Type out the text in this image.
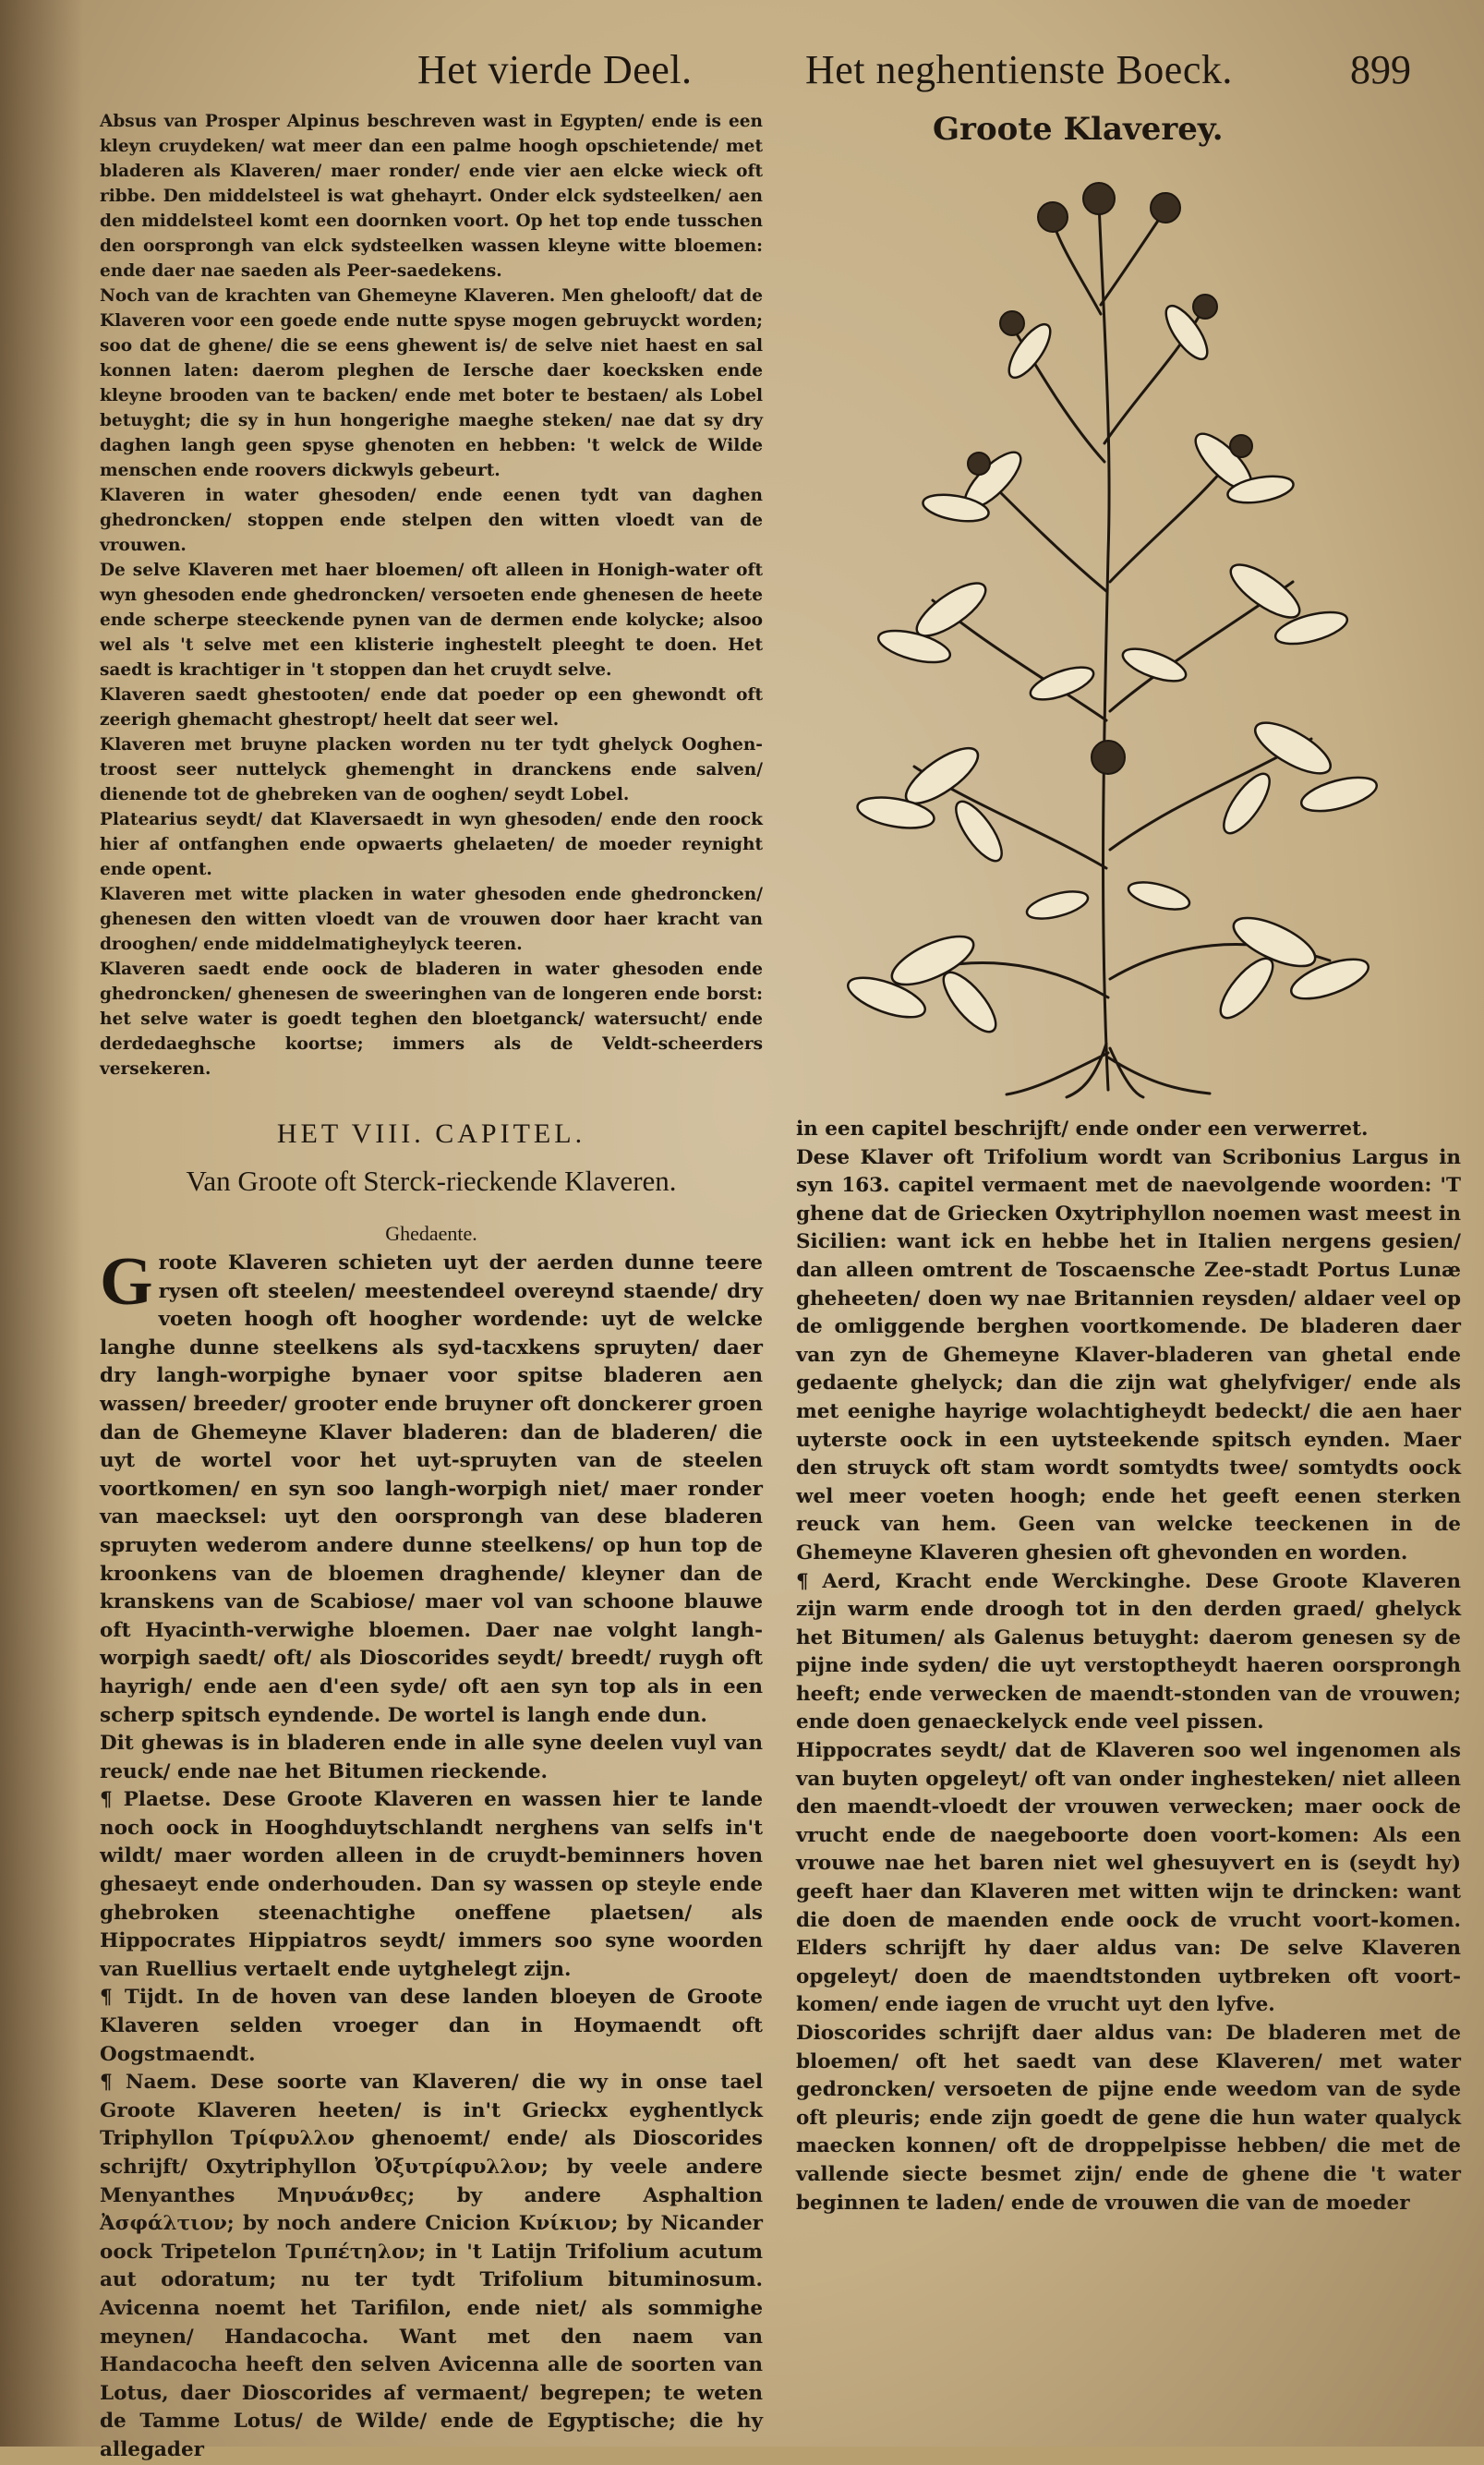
Het vierde Deel.	Het neghentienste Boeck.	899
Groote Klaverey.

Absus van Prosper Alpinus beschreven wast in Egypten/ ende is een kleyn cruydeken/ wat meer dan een palme hoogh opschietende/ met bladeren als Klaveren/ maer ronder/ ende vier aen elcke wieck oft ribbe. Den middelsteel is wat ghehayrt. Onder elck sydsteelken/ aen den middelsteel komt een doornken voort. Op het top ende tusschen den oorsprongh van elck sydsteelken wassen kleyne witte bloemen: ende daer nae saeden als Peer-saedekens.

Noch van de krachten van Ghemeyne Klaveren. Men ghelooft/ dat de Klaveren voor een goede ende nutte spyse mogen gebruyckt worden; soo dat de ghene/ die se eens ghewent is/ de selve niet haest en sal konnen laten: daerom pleghen de Iersche daer koecksken ende kleyne brooden van te backen/ ende met boter te bestaen/ als Lobel betuyght; die sy in hun hongerighe maeghe steken/ nae dat sy dry daghen langh geen spyse ghenoten en hebben: 't welck de Wilde menschen ende roovers dickwyls gebeurt.

Klaveren in water ghesoden/ ende eenen tydt van daghen ghedroncken/ stoppen ende stelpen den witten vloedt van de vrouwen.

De selve Klaveren met haer bloemen/ oft alleen in Honigh-water oft wyn ghesoden ende ghedroncken/ versoeten ende ghenesen de heete ende scherpe steeckende pynen van de dermen ende kolycke; alsoo wel als 't selve met een klisterie inghestelt pleeght te doen. Het saedt is krachtiger in 't stoppen dan het cruydt selve.

Klaveren saedt ghestooten/ ende dat poeder op een ghewondt oft zeerigh ghemacht ghestropt/ heelt dat seer wel.

Klaveren met bruyne placken worden nu ter tydt ghelyck Ooghen-troost seer nuttelyck ghemenght in dranckens ende salven/ dienende tot de ghebreken van de ooghen/ seydt Lobel.

Platearius seydt/ dat Klaversaedt in wyn ghesoden/ ende den roock hier af ontfanghen ende opwaerts ghelaeten/ de moeder reynight ende opent.

Klaveren met witte placken in water ghesoden ende ghedroncken/ ghenesen den witten vloedt van de vrouwen door haer kracht van drooghen/ ende middelmatigheylyck teeren.

Klaveren saedt ende oock de bladeren in water ghesoden ende ghedroncken/ ghenesen de sweeringhen van de longeren ende borst: het selve water is goedt teghen den bloetganck/ watersucht/ ende derdedaeghsche koortse; immers als de Veldt-scheerders versekeren.

HET VIII. CAPITEL.
Van Groote oft Sterck-rieckende Klaveren.
Ghedaente.

Groote Klaveren schieten uyt der aerden dunne teere rysen oft steelen/ meestendeel overeynd staende/ dry voeten hoogh oft hoogher wordende: uyt de welcke langhe dunne steelkens als syd-tacxkens spruyten/ daer dry langh-worpighe bynaer voor spitse bladeren aen wassen/ breeder/ grooter ende bruyner oft donckerer groen dan de Ghemeyne Klaver bladeren: dan de bladeren/ die uyt de wortel voor het uyt-spruyten van de steelen voortkomen/ en syn soo langh-worpigh niet/ maer ronder van maecksel: uyt den oorsprongh van dese bladeren spruyten wederom andere dunne steelkens/ op hun top de kroonkens van de bloemen draghende/ kleyner dan de kranskens van de Scabiose/ maer vol van schoone blauwe oft Hyacinth-verwighe bloemen. Daer nae volght langh-worpigh saedt/ oft/ als Dioscorides seydt/ breedt/ ruygh oft hayrigh/ ende aen d'een syde/ oft aen syn top als in een scherp spitsch eyndende. De wortel is langh ende dun.

Dit ghewas is in bladeren ende in alle syne deelen vuyl van reuck/ ende nae het Bitumen rieckende.

¶ Plaetse. Dese Groote Klaveren en wassen hier te lande noch oock in Hooghduytschlandt nerghens van selfs in't wildt/ maer worden alleen in de cruydt-beminners hoven ghesaeyt ende onderhouden. Dan sy wassen op steyle ende ghebroken steenachtighe oneffene plaetsen/ als Hippocrates Hippiatros seydt/ immers soo syne woorden van Ruellius vertaelt ende uytghelegt zijn.

¶ Tijdt. In de hoven van dese landen bloeyen de Groote Klaveren selden vroeger dan in Hoymaendt oft Oogstmaendt.

¶ Naem. Dese soorte van Klaveren/ die wy in onse tael Groote Klaveren heeten/ is in't Grieckx eyghentlyck Triphyllon Τρίφυλλον ghenoemt/ ende/ als Dioscorides schrijft/ Oxytriphyllon Ὀξυτρίφυλλον; by veele andere Menyanthes Μηνυάνθες; by andere Asphaltion Ἀσφάλτιον; by noch andere Cnicion Κνίκιον; by Nicander oock Tripetelon Τριπέτηλον; in 't Latijn Trifolium acutum aut odoratum; nu ter tydt Trifolium bituminosum. Avicenna noemt het Tarifilon, ende niet/ als sommighe meynen/ Handacocha. Want met den naem van Handacocha heeft den selven Avicenna alle de soorten van Lotus, daer Dioscorides af vermaent/ begrepen; te weten de Tamme Lotus/ de Wilde/ ende de Egyptische; die hy allegader

in een capitel beschrijft/ ende onder een verwerret.

Dese Klaver oft Trifolium wordt van Scribonius Largus in syn 163. capitel vermaent met de naevolgende woorden: 'T ghene dat de Griecken Oxytriphyllon noemen wast meest in Sicilien: want ick en hebbe het in Italien nergens gesien/ dan alleen omtrent de Toscaensche Zee-stadt Portus Lunæ gheheeten/ doen wy nae Britannien reysden/ aldaer veel op de omliggende berghen voortkomende. De bladeren daer van zyn de Ghemeyne Klaver-bladeren van ghetal ende gedaente ghelyck; dan die zijn wat ghelyfviger/ ende als met eenighe hayrige wolachtigheydt bedeckt/ die aen haer uyterste oock in een uytsteekende spitsch eynden. Maer den struyck oft stam wordt somtydts twee/ somtydts oock wel meer voeten hoogh; ende het geeft eenen sterken reuck van hem. Geen van welcke teeckenen in de Ghemeyne Klaveren ghesien oft ghevonden en worden.

¶ Aerd, Kracht ende Werckinghe. Dese Groote Klaveren zijn warm ende droogh tot in den derden graed/ ghelyck het Bitumen/ als Galenus betuyght: daerom genesen sy de pijne inde syden/ die uyt verstoptheydt haeren oorsprongh heeft; ende verwecken de maendt-stonden van de vrouwen; ende doen genaeckelyck ende veel pissen.

Hippocrates seydt/ dat de Klaveren soo wel ingenomen als van buyten opgeleyt/ oft van onder inghesteken/ niet alleen den maendt-vloedt der vrouwen verwecken; maer oock de vrucht ende de naegeboorte doen voort-komen: Als een vrouwe nae het baren niet wel ghesuyvert en is (seydt hy) geeft haer dan Klaveren met witten wijn te drincken: want die doen de maenden ende oock de vrucht voort-komen. Elders schrijft hy daer aldus van: De selve Klaveren opgeleyt/ doen de maendtstonden uytbreken oft voort-komen/ ende iagen de vrucht uyt den lyfve.

Dioscorides schrijft daer aldus van: De bladeren met de bloemen/ oft het saedt van dese Klaveren/ met water gedroncken/ versoeten de pijne ende weedom van de syde oft pleuris; ende zijn goedt de gene die hun water qualyck maecken konnen/ oft de droppelpisse hebben/ die met de vallende siecte besmet zijn/ ende de ghene die 't water beginnen te laden/ ende de vrouwen die van de moeder
